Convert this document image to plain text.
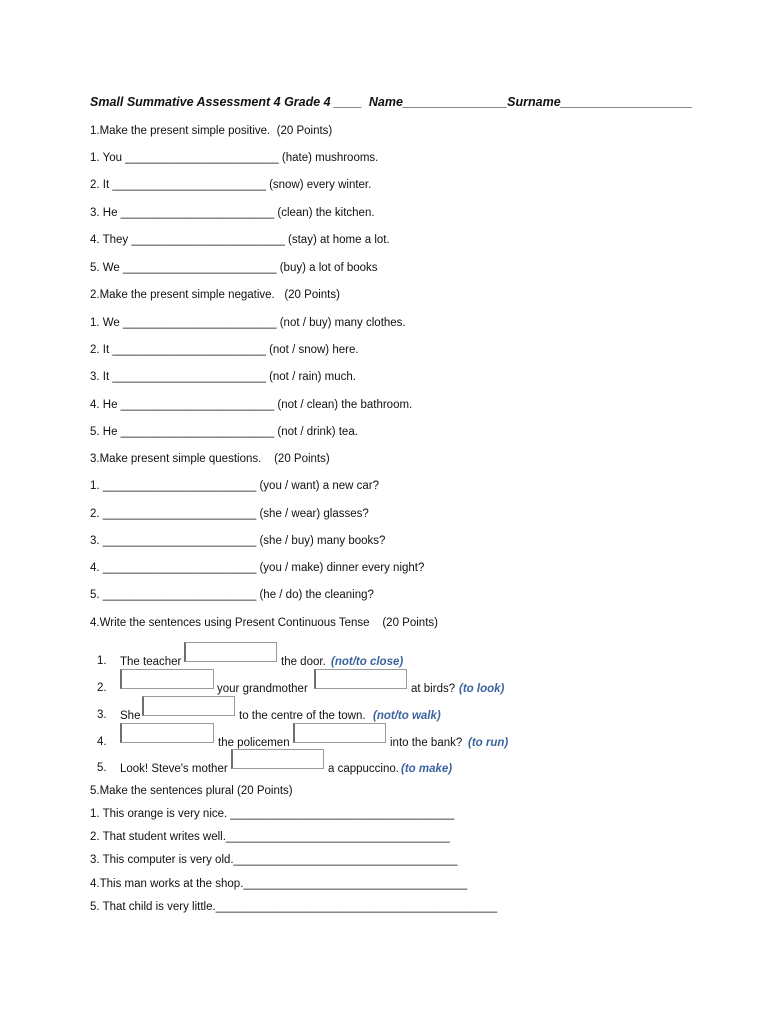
Small Summative Assessment 4 Grade 4 ____  Name_______________Surname___________________
1.Make the present simple positive.  (20 Points)
1. You ________________________ (hate) mushrooms.
2. It ________________________ (snow) every winter.
3. He ________________________ (clean) the kitchen.
4. They ________________________ (stay) at home a lot.
5. We ________________________ (buy) a lot of books
2.Make the present simple negative.   (20 Points)
1. We ________________________ (not / buy) many clothes.
2. It ________________________ (not / snow) here.
3. It ________________________ (not / rain) much.
4. He ________________________ (not / clean) the bathroom.
5. He ________________________ (not / drink) tea.
3.Make present simple questions.    (20 Points)
1. ________________________ (you / want) a new car?
2. ________________________ (she / wear) glasses?
3. ________________________ (she / buy) many books?
4. ________________________ (you / make) dinner every night?
5. ________________________ (he / do) the cleaning?
4.Write the sentences using Present Continuous Tense    (20 Points)
1. The teacher	the door. (not/to close)
2.	your grandmother	at birds? (to look)
3. She	to the centre of the town. (not/to walk)
4.	the policemen	into the bank? (to run)
5. Look! Steve's mother	a cappuccino. (to make)
5.Make the sentences plural (20 Points)
1. This orange is very nice. ___________________________________
2. That student writes well.___________________________________
3. This computer is very old.___________________________________
4.This man works at the shop.___________________________________
5. That child is very little.____________________________________________
